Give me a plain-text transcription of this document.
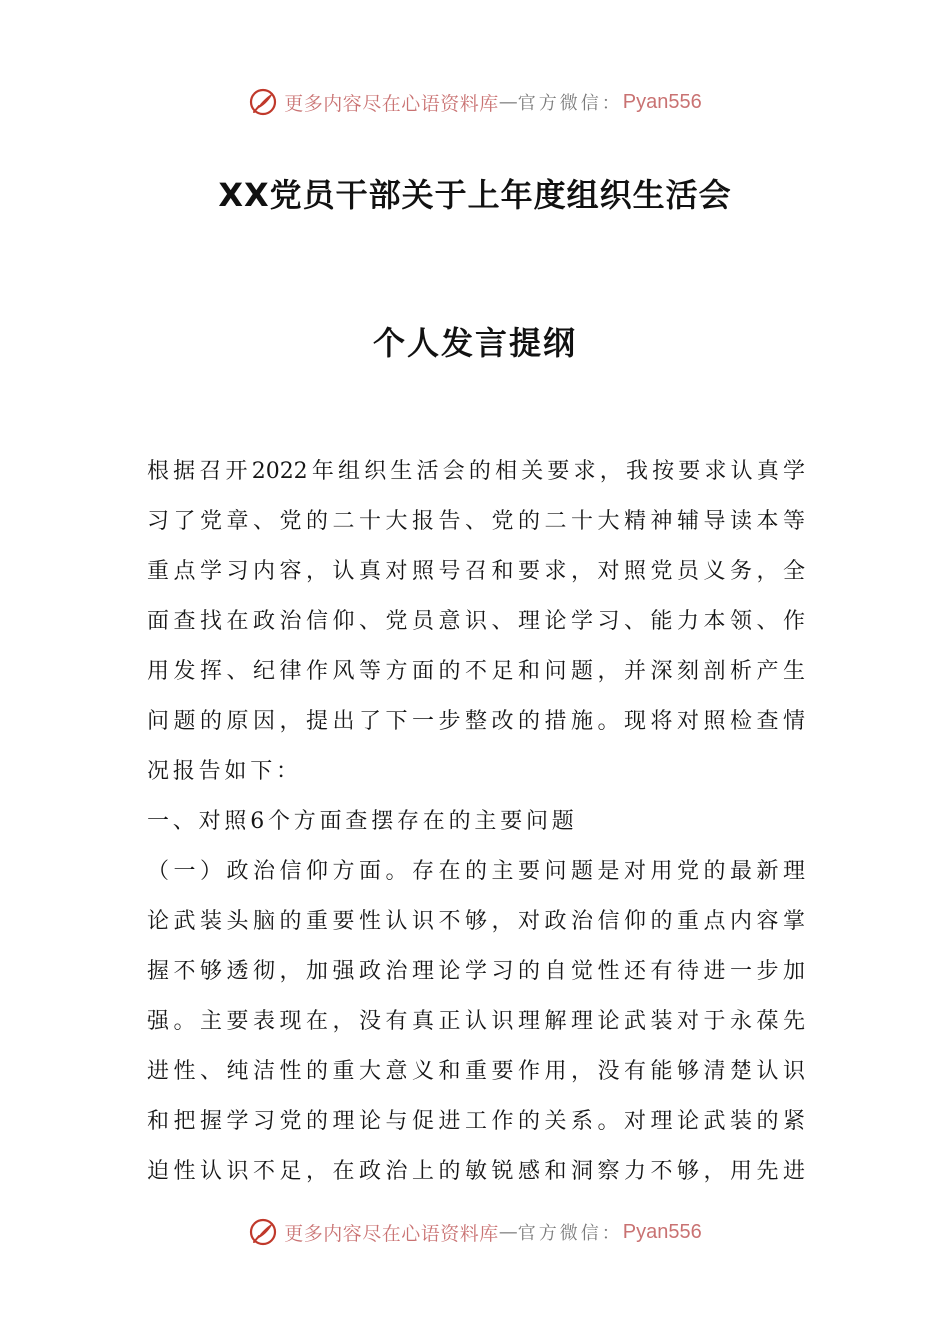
更多内容尽在心语资料库 — 官方微信： Pyan556
XX党员干部关于上年度组织生活会
个人发言提纲
根据召开2022年组织生活会的相关要求，我按要求认真学
习了党章、党的二十大报告、党的二十大精神辅导读本等
重点学习内容，认真对照号召和要求，对照党员义务，全
面查找在政治信仰、党员意识、理论学习、能力本领、作
用发挥、纪律作风等方面的不足和问题，并深刻剖析产生
问题的原因，提出了下一步整改的措施。现将对照检查情
况报告如下：
一、对照6个方面查摆存在的主要问题
（一）政治信仰方面。存在的主要问题是对用党的最新理
论武装头脑的重要性认识不够，对政治信仰的重点内容掌
握不够透彻，加强政治理论学习的自觉性还有待进一步加
强。主要表现在，没有真正认识理解理论武装对于永葆先
进性、纯洁性的重大意义和重要作用，没有能够清楚认识
和把握学习党的理论与促进工作的关系。对理论武装的紧
迫性认识不足，在政治上的敏锐感和洞察力不够，用先进
更多内容尽在心语资料库 — 官方微信： Pyan556
